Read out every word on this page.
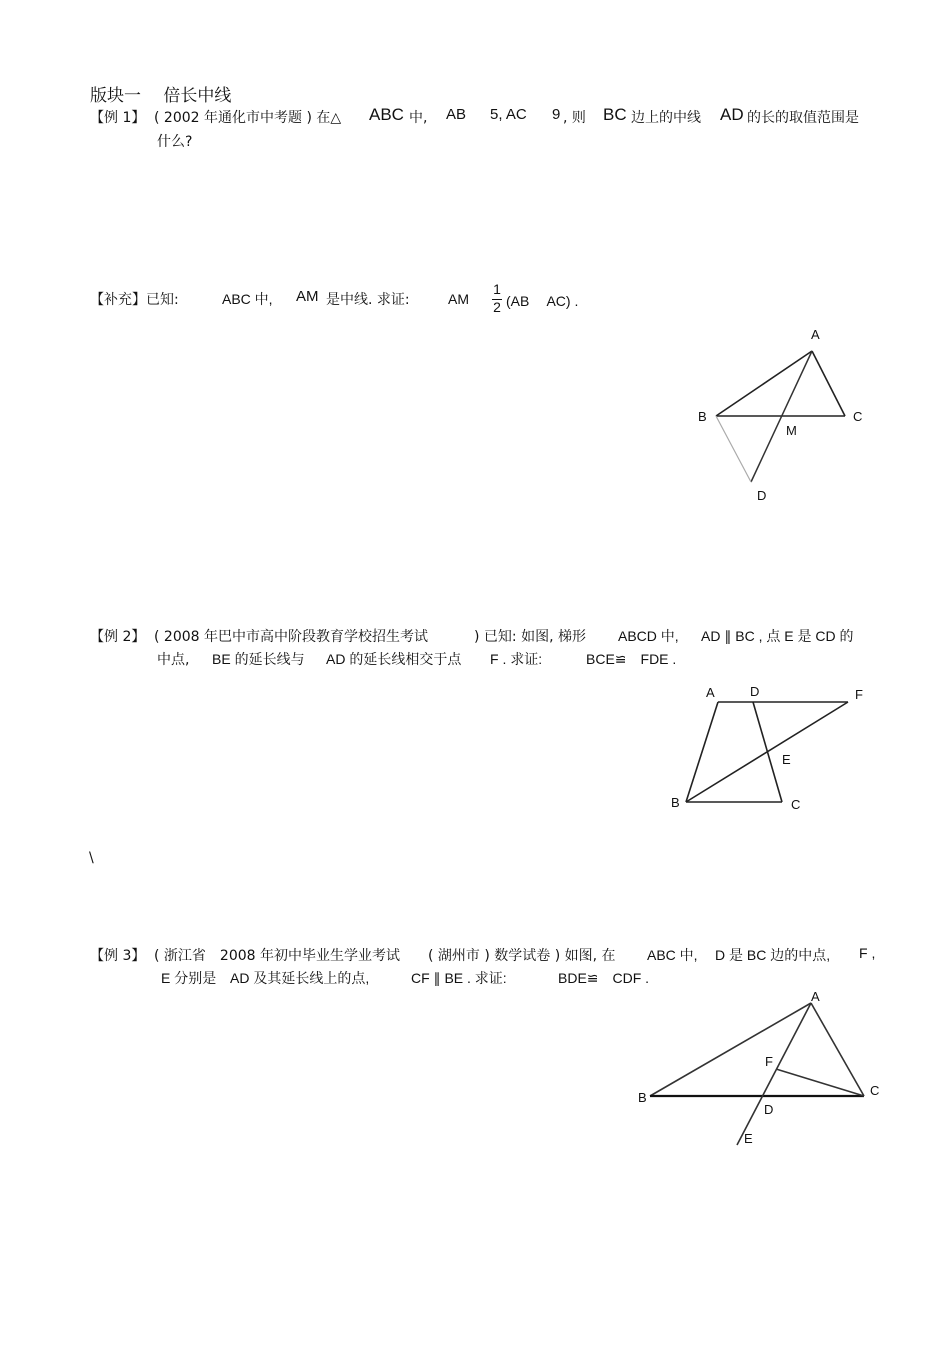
版块一　 倍长中线
【例 1】 ( 2002 年通化市中考题 ) 在△ ABC 中, AB 5, AC 9 , 则 BC 边上的中线 AD 的长的取值范围是
什么?
【补充】已知:	ABC 中, AM 是中线. 求证:	AM
1
2 (AB　 AC) .
A
B	C
M
D
【例 2】 ( 2008 年巴中市高中阶段教育学校招生考试	) 已知: 如图, 梯形 ABCD 中, AD ∥ BC , 点 E 是 CD 的
中点, BE 的延长线与 AD 的延长线相交于点 F . 求证:	BCE≌　FDE .
A	D	F
E
B	C
\
【例 3】 ( 浙江省　2008 年初中毕业生学业考试 ( 湖州市 ) 数学试卷 ) 如图, 在 ABC 中, D 是 BC 边的中点, F ,
E 分别是 AD 及其延长线上的点,	CF ∥ BE . 求证:	BDE≌　CDF .
A
F
C
B
D
E
